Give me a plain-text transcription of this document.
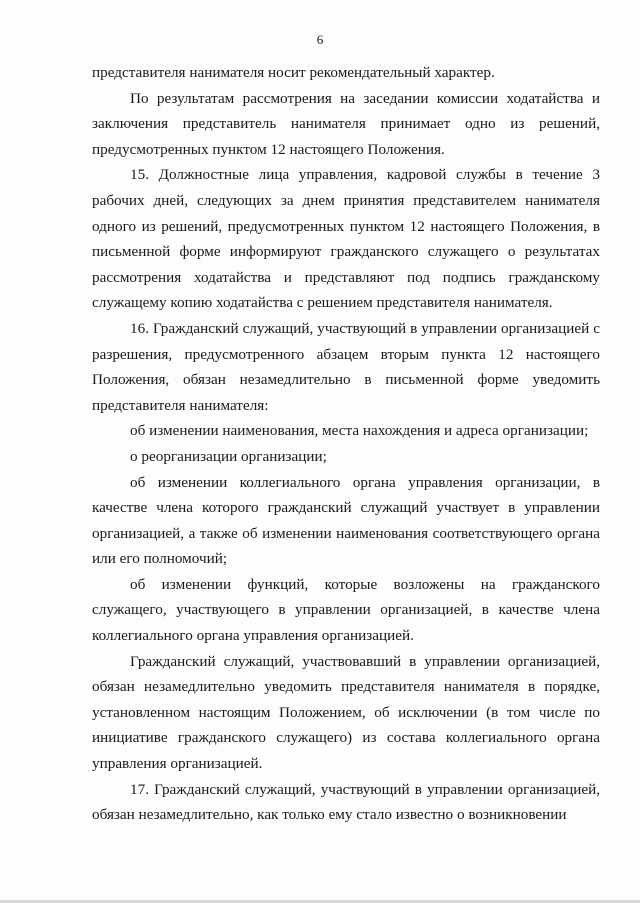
6

представителя нанимателя носит рекомендательный характер.

По результатам рассмотрения на заседании комиссии ходатайства и заключения представитель нанимателя принимает одно из решений, предусмотренных пунктом 12 настоящего Положения.

15. Должностные лица управления, кадровой службы в течение 3 рабочих дней, следующих за днем принятия представителем нанимателя одного из решений, предусмотренных пунктом 12 настоящего Положения, в письменной форме информируют гражданского служащего о результатах рассмотрения ходатайства и представляют под подпись гражданскому служащему копию ходатайства с решением представителя нанимателя.

16. Гражданский служащий, участвующий в управлении организацией с разрешения, предусмотренного абзацем вторым пункта 12 настоящего Положения, обязан незамедлительно в письменной форме уведомить представителя нанимателя:

об изменении наименования, места нахождения и адреса организации;

о реорганизации организации;

об изменении коллегиального органа управления организации, в качестве члена которого гражданский служащий участвует в управлении организацией, а также об изменении наименования соответствующего органа или его полномочий;

об изменении функций, которые возложены на гражданского служащего, участвующего в управлении организацией, в качестве члена коллегиального органа управления организацией.

Гражданский служащий, участвовавший в управлении организацией, обязан незамедлительно уведомить представителя нанимателя в порядке, установленном настоящим Положением, об исключении (в том числе по инициативе гражданского служащего) из состава коллегиального органа управления организацией.

17. Гражданский служащий, участвующий в управлении организацией, обязан незамедлительно, как только ему стало известно о возникновении
